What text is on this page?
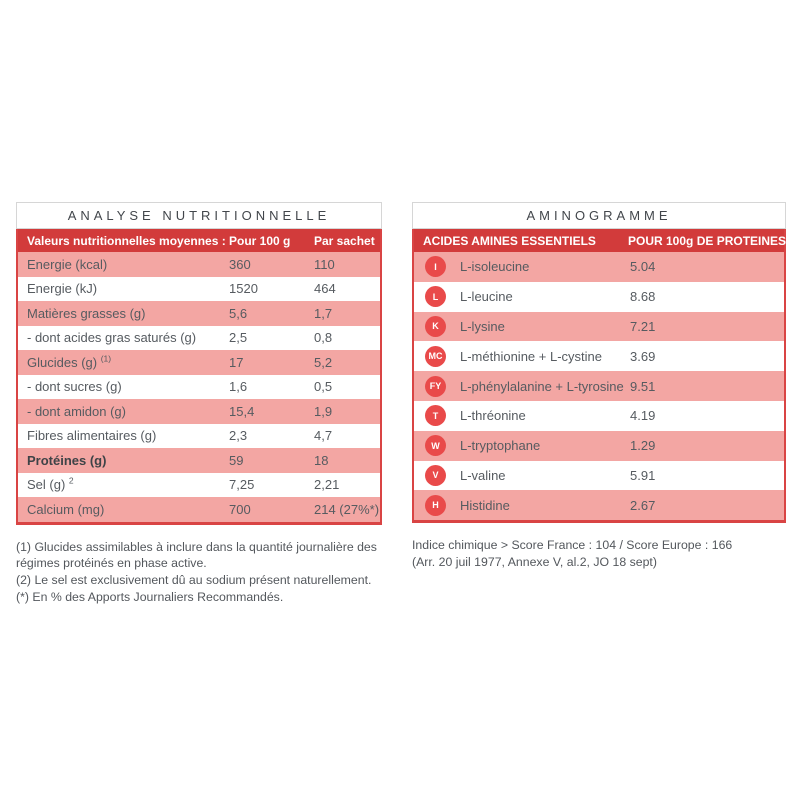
ANALYSE NUTRITIONNELLE
Valeurs nutritionnelles moyennes : Pour 100 g	Par sachet
Energie (kcal)	360	110
Energie (kJ)	1520	464
Matières grasses (g)	5,6	1,7
- dont acides gras saturés (g)	2,5	0,8
Glucides (g) $^{(1)}$	17	5,2
- dont sucres (g)	1,6	0,5
- dont amidon (g)	15,4	1,9
Fibres alimentaires (g)	2,3	4,7
Protéines (g)	59	18
Sel (g) $^2$	7,25	2,21
Calcium (mg)	700	214 (27%*)
(1) Glucides assimilables à inclure dans la quantité journalière des régimes protéinés en phase active.
(2) Le sel est exclusivement dû au sodium présent naturellement.
(*) En % des Apports Journaliers Recommandés.
AMINOGRAMME
ACIDES AMINES ESSENTIELS	POUR 100g DE PROTEINES
I	L-isoleucine	5.04
L	L-leucine	8.68
K	L-lysine	7.21
MC L-méthionine + L-cystine	3.69
FY	L-phénylalanine + L-tyrosine 9.51
T	L-thréonine	4.19
W	L-tryptophane	1.29
V	L-valine	5.91
H	Histidine	2.67
Indice chimique > Score France : 104 / Score Europe : 166
(Arr. 20 juil 1977, Annexe V, al.2, JO 18 sept)
